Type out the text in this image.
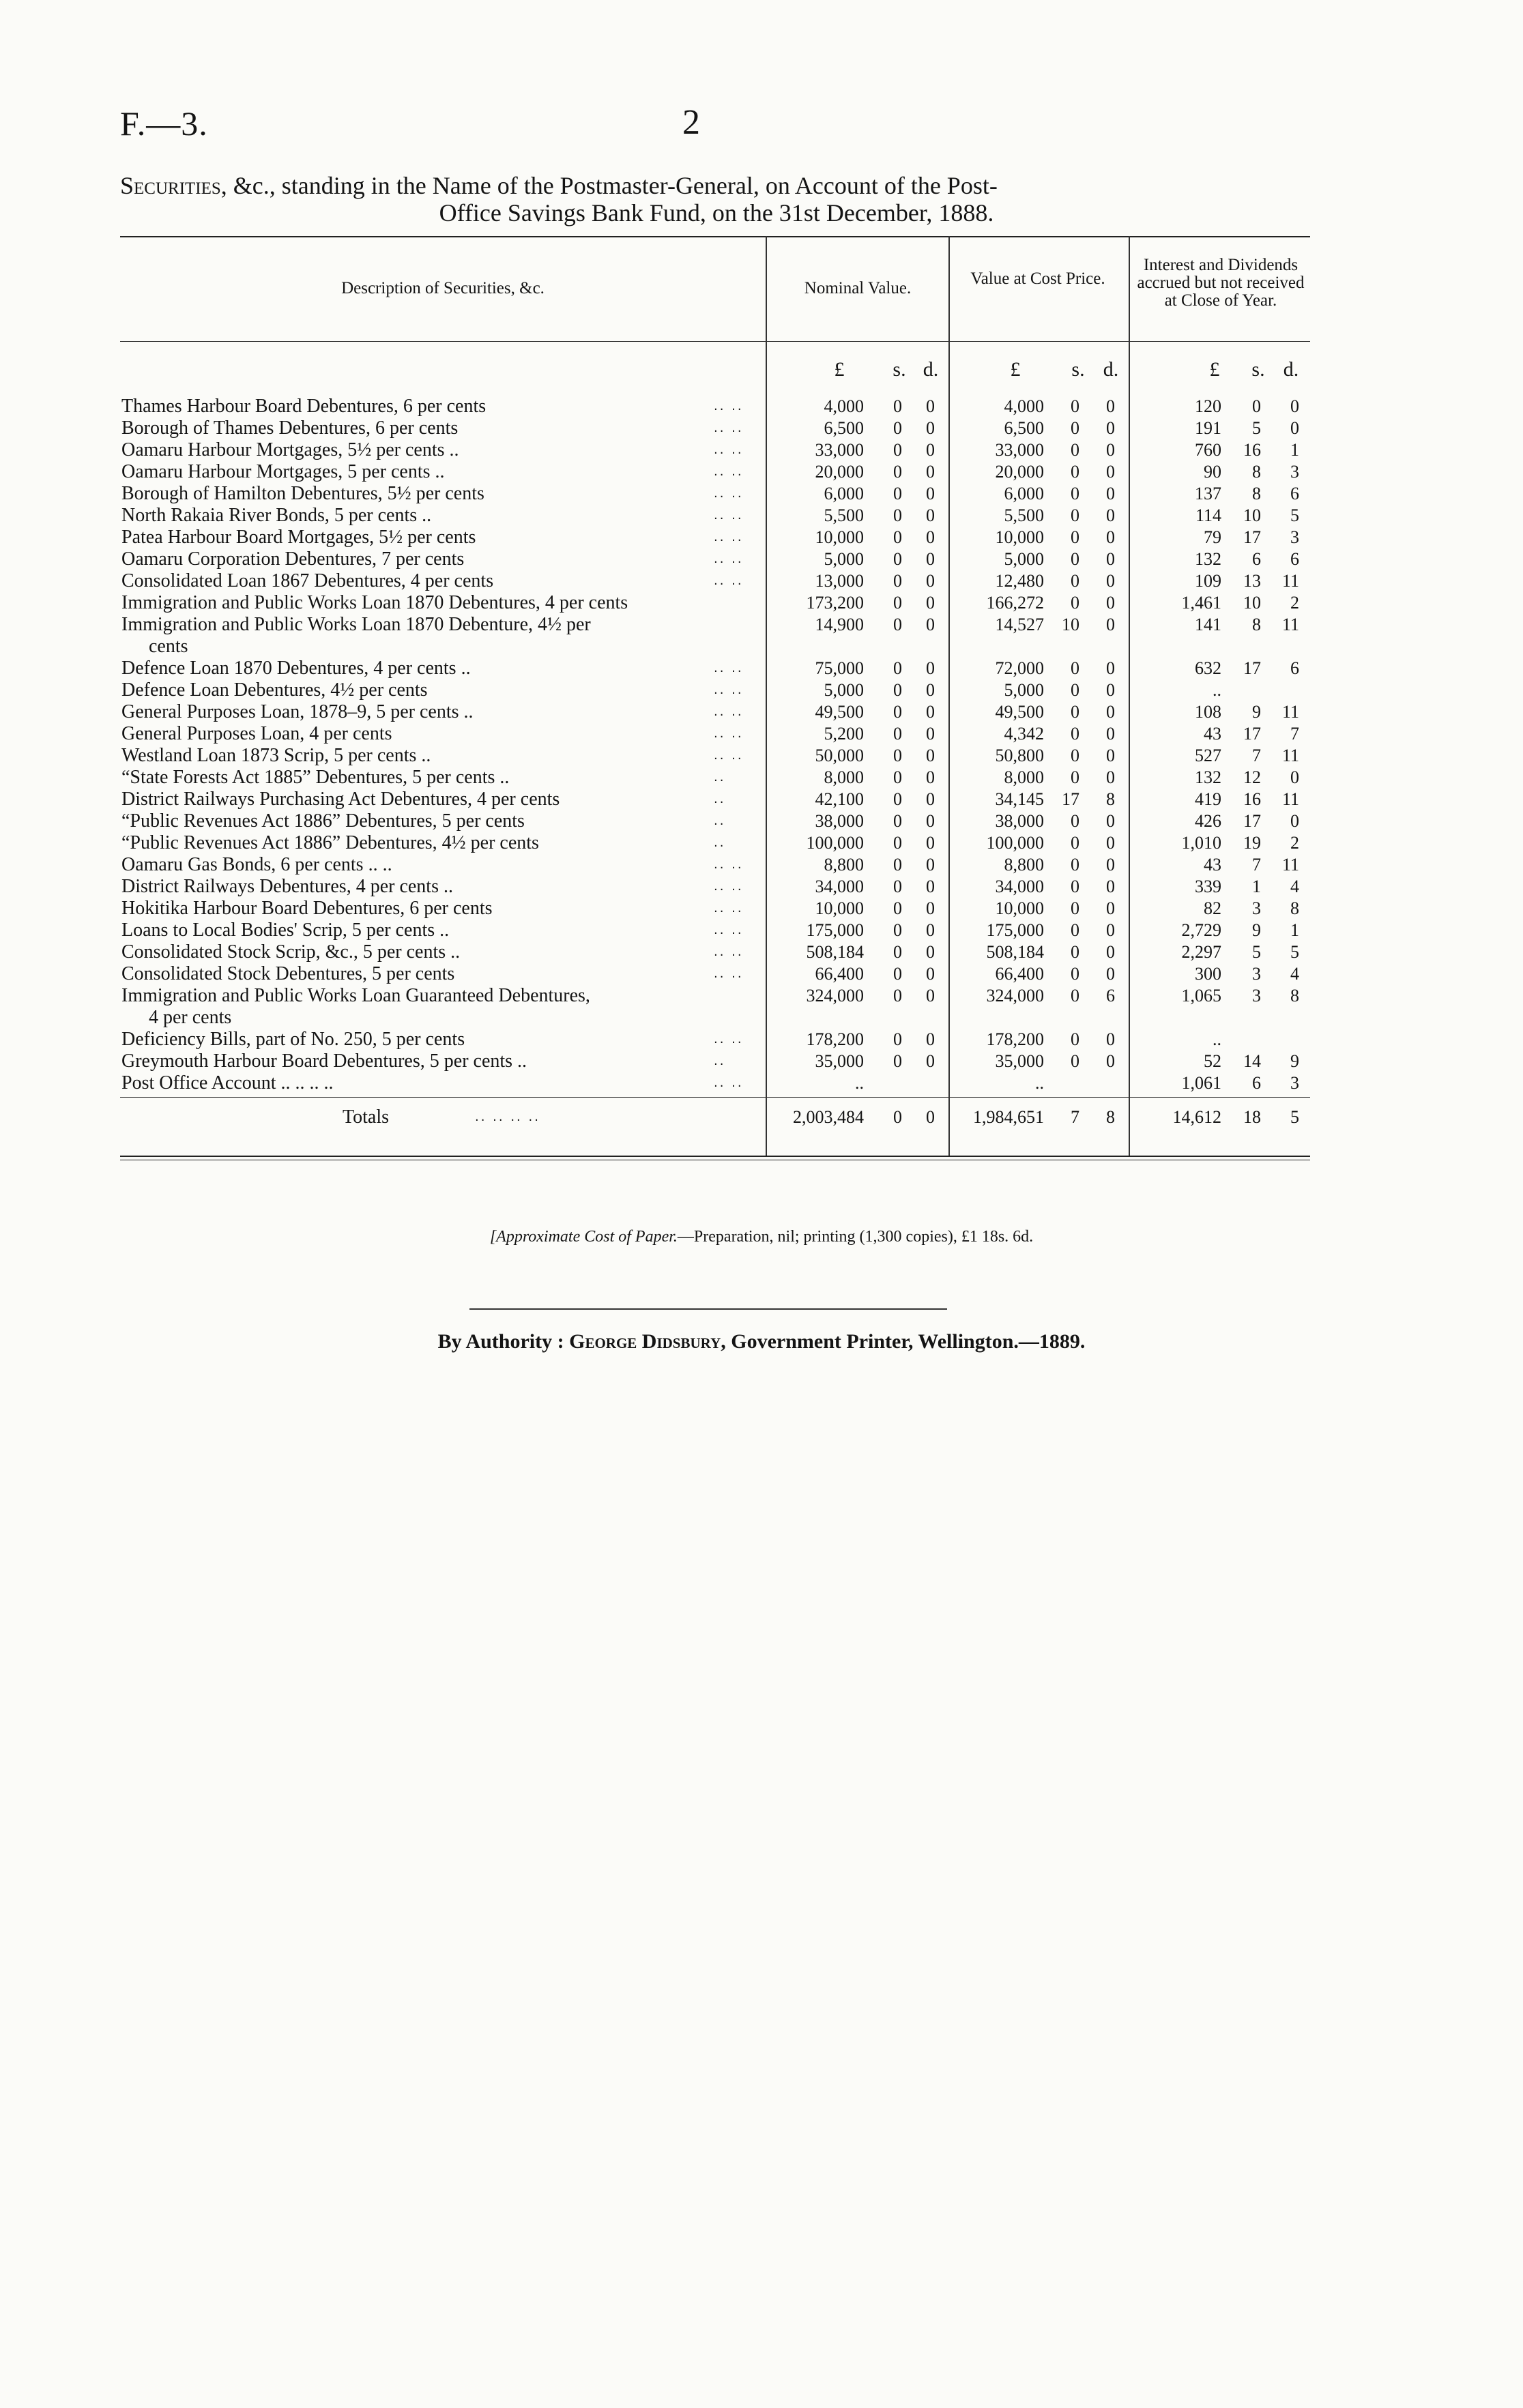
F.—3.	2
Securities, &c., standing in the Name of the Postmaster-General, on Account of the Post-
Office Savings Bank Fund, on the 31st December, 1888.
Description of Securities, &c.	Nominal Value.
Value at Cost Price.
Interest and Dividends accrued but not received at Close of Year.
£	s. d.	£	s. d.	£	s. d.
Thames Harbour Board Debentures, 6 per cents	.. ..	4,000	0	0	4,000	0	0	120	0	0
Borough of Thames Debentures, 6 per cents	.. ..	6,500	0	0	6,500	0	0	191	5	0
Oamaru Harbour Mortgages, 5½ per cents ..	.. ..	33,000	0	0	33,000	0	0	760	16	1
Oamaru Harbour Mortgages, 5 per cents ..	.. ..	20,000	0	0	20,000	0	0	90	8	3
Borough of Hamilton Debentures, 5½ per cents	.. ..	6,000	0	0	6,000	0	0	137	8	6
North Rakaia River Bonds, 5 per cents ..	.. ..	5,500	0	0	5,500	0	0	114	10	5
Patea Harbour Board Mortgages, 5½ per cents	.. ..	10,000	0	0	10,000	0	0	79	17	3
Oamaru Corporation Debentures, 7 per cents	.. ..	5,000	0	0	5,000	0	0	132	6	6
Consolidated Loan 1867 Debentures, 4 per cents	.. ..	13,000	0	0	12,480	0	0	109	13	11
Immigration and Public Works Loan 1870 Debentures, 4 per cents	173,200	0	0	166,272	0	0	1,461	10	2
Immigration and Public Works Loan 1870 Debenture, 4½ per	14,900	0	0	14,527	10	0	141	8	11
cents
Defence Loan 1870 Debentures, 4 per cents ..	.. ..	75,000	0	0	72,000	0	0	632	17	6
Defence Loan Debentures, 4½ per cents	.. ..	5,000	0	0	5,000	0	0	..
General Purposes Loan, 1878–9, 5 per cents ..	.. ..	49,500	0	0	49,500	0	0	108	9	11
General Purposes Loan, 4 per cents	.. ..	5,200	0	0	4,342	0	0	43	17	7
Westland Loan 1873 Scrip, 5 per cents ..	.. ..	50,000	0	0	50,800	0	0	527	7	11
“State Forests Act 1885” Debentures, 5 per cents ..	..	8,000	0	0	8,000	0	0	132	12	0
District Railways Purchasing Act Debentures, 4 per cents	..	42,100	0	0	34,145	17	8	419	16	11
“Public Revenues Act 1886” Debentures, 5 per cents	..	38,000	0	0	38,000	0	0	426	17	0
“Public Revenues Act 1886” Debentures, 4½ per cents	..	100,000	0	0	100,000	0	0	1,010	19	2
Oamaru Gas Bonds, 6 per cents .. ..	.. ..	8,800	0	0	8,800	0	0	43	7	11
District Railways Debentures, 4 per cents ..	.. ..	34,000	0	0	34,000	0	0	339	1	4
Hokitika Harbour Board Debentures, 6 per cents	.. ..	10,000	0	0	10,000	0	0	82	3	8
Loans to Local Bodies' Scrip, 5 per cents ..	.. ..	175,000	0	0	175,000	0	0	2,729	9	1
Consolidated Stock Scrip, &c., 5 per cents ..	.. ..	508,184	0	0	508,184	0	0	2,297	5	5
Consolidated Stock Debentures, 5 per cents	.. ..	66,400	0	0	66,400	0	0	300	3	4
Immigration and Public Works Loan Guaranteed Debentures,	324,000	0	0	324,000	0	6	1,065	3	8
4 per cents
Deficiency Bills, part of No. 250, 5 per cents	.. ..	178,200	0	0	178,200	0	0	..
Greymouth Harbour Board Debentures, 5 per cents ..	..	35,000	0	0	35,000	0	0	52	14	9
Post Office Account .. .. .. ..	.. ..	..	..	1,061	6	3
Totals	.. .. .. ..	2,003,484	0	0	1,984,651	7	8	14,612	18	5
[Approximate Cost of Paper.—Preparation, nil; printing (1,300 copies), £1 18s. 6d.
By Authority : George Didsbury, Government Printer, Wellington.—1889.
